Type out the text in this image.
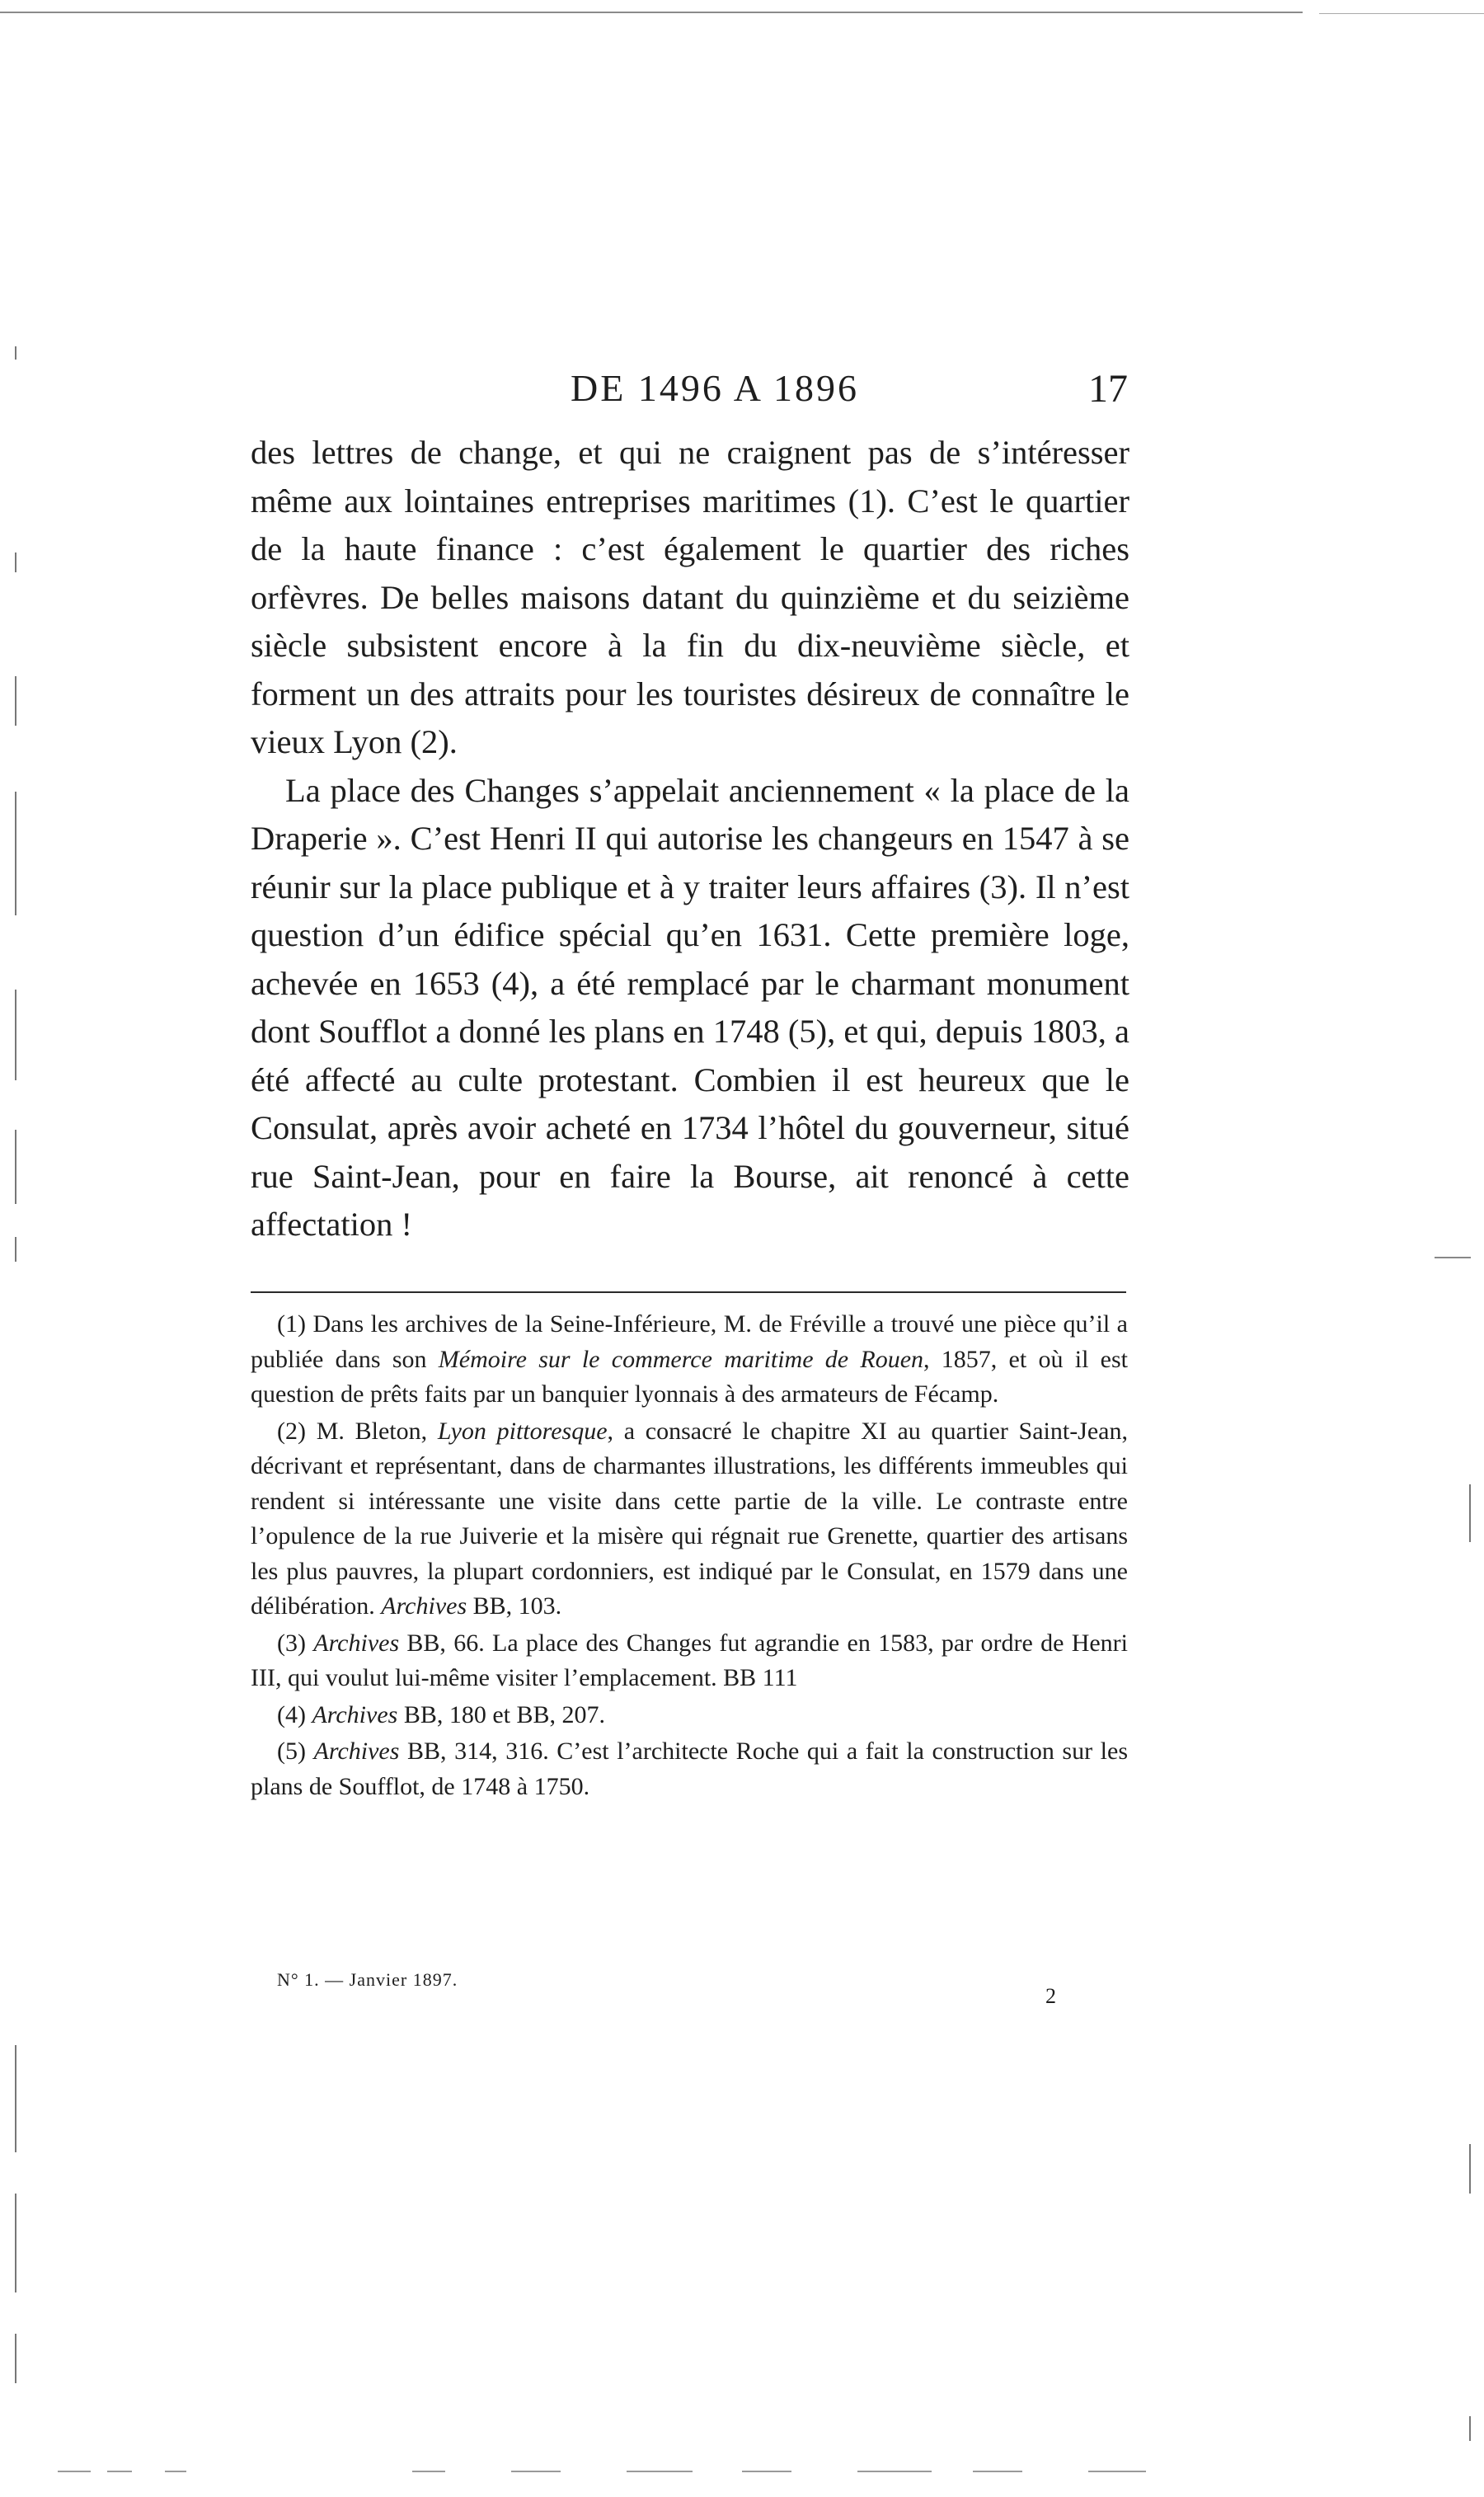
DE 1496 A 1896	17

des lettres de change, et qui ne craignent pas de s’intéresser même aux lointaines entreprises maritimes (1). C’est le quartier de la haute finance : c’est également le quartier des riches orfèvres. De belles maisons datant du quinzième et du seizième siècle subsistent encore à la fin du dix-neuvième siècle, et forment un des attraits pour les touristes désireux de connaître le vieux Lyon (2).

La place des Changes s’appelait anciennement « la place de la Draperie ». C’est Henri II qui autorise les changeurs en 1547 à se réunir sur la place publique et à y traiter leurs affaires (3). Il n’est question d’un édifice spécial qu’en 1631. Cette première loge, achevée en 1653 (4), a été remplacé par le charmant monument dont Soufflot a donné les plans en 1748 (5), et qui, depuis 1803, a été affecté au culte protestant. Combien il est heureux que le Consulat, après avoir acheté en 1734 l’hôtel du gouverneur, situé rue Saint-Jean, pour en faire la Bourse, ait renoncé à cette affectation !

(1) Dans les archives de la Seine-Inférieure, M. de Fréville a trouvé une pièce qu’il a publiée dans son Mémoire sur le commerce maritime de Rouen, 1857, et où il est question de prêts faits par un banquier lyonnais à des armateurs de Fécamp.

(2) M. Bleton, Lyon pittoresque, a consacré le chapitre XI au quartier Saint-Jean, décrivant et représentant, dans de charmantes illustrations, les différents immeubles qui rendent si intéressante une visite dans cette partie de la ville. Le contraste entre l’opulence de la rue Juiverie et la misère qui régnait rue Grenette, quartier des artisans les plus pauvres, la plupart cordonniers, est indiqué par le Consulat, en 1579 dans une délibération. Archives BB, 103.

(3) Archives BB, 66. La place des Changes fut agrandie en 1583, par ordre de Henri III, qui voulut lui-même visiter l’emplacement. BB 111

(4) Archives BB, 180 et BB, 207.

(5) Archives BB, 314, 316. C’est l’architecte Roche qui a fait la construction sur les plans de Soufflot, de 1748 à 1750.

N° 1. — Janvier 1897.
2
